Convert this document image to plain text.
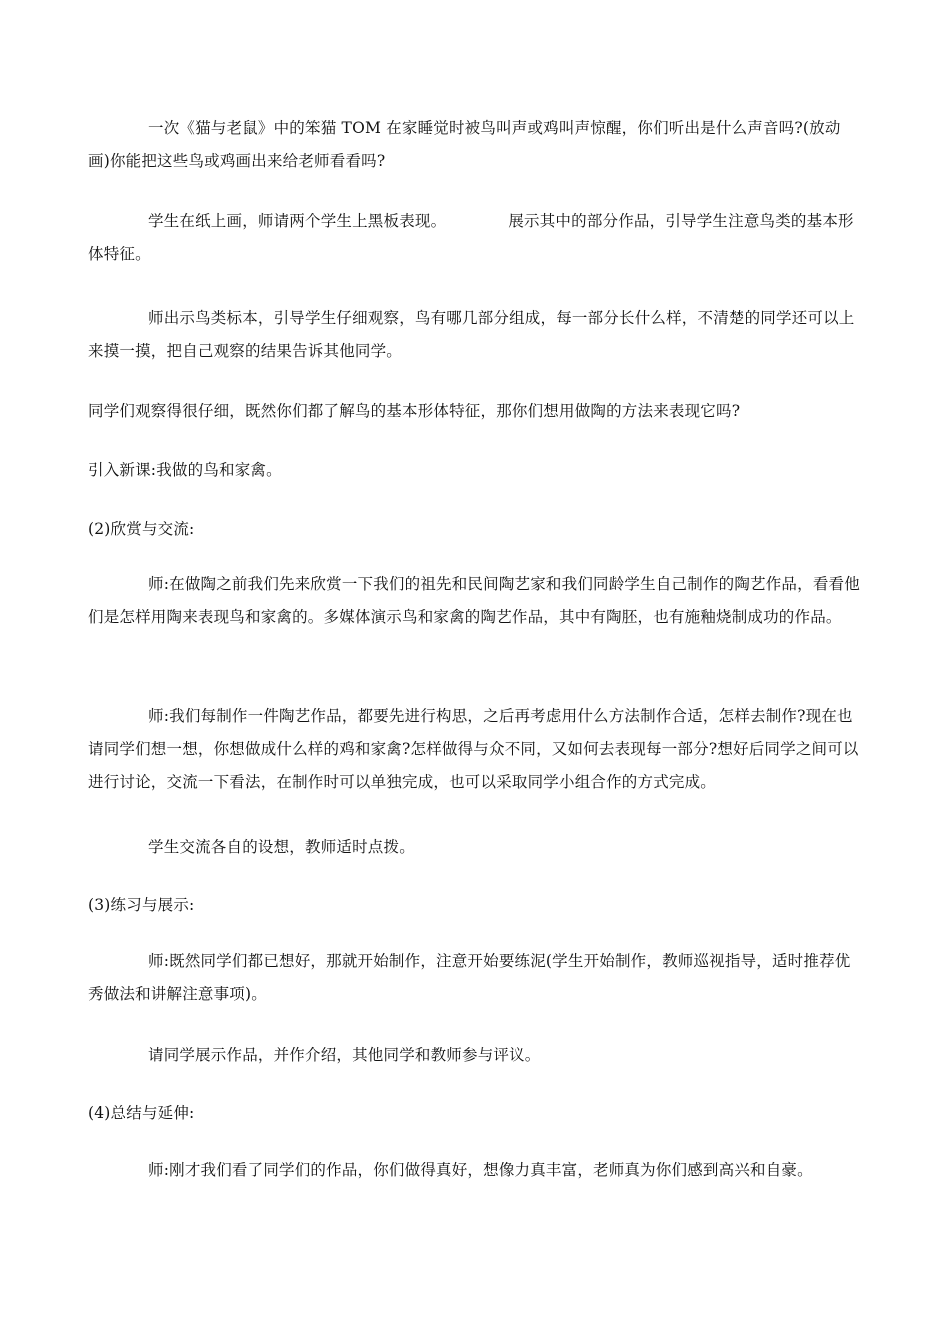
一次《猫与老鼠》中的笨猫 TOM 在家睡觉时被鸟叫声或鸡叫声惊醒，你们听出是什么声音吗?(放动画)你能把这些鸟或鸡画出来给老师看看吗?

学生在纸上画，师请两个学生上黑板表现。	展示其中的部分作品，引导学生注意鸟类的基本形体特征。

师出示鸟类标本，引导学生仔细观察，鸟有哪几部分组成，每一部分长什么样，不清楚的同学还可以上来摸一摸，把自己观察的结果告诉其他同学。

同学们观察得很仔细，既然你们都了解鸟的基本形体特征，那你们想用做陶的方法来表现它吗?

引入新课:我做的鸟和家禽。

(2)欣赏与交流:

师:在做陶之前我们先来欣赏一下我们的祖先和民间陶艺家和我们同龄学生自己制作的陶艺作品，看看他们是怎样用陶来表现鸟和家禽的。多媒体演示鸟和家禽的陶艺作品，其中有陶胚，也有施釉烧制成功的作品。

师:我们每制作一件陶艺作品，都要先进行构思，之后再考虑用什么方法制作合适，怎样去制作?现在也请同学们想一想，你想做成什么样的鸡和家禽?怎样做得与众不同，又如何去表现每一部分?想好后同学之间可以进行讨论，交流一下看法，在制作时可以单独完成，也可以采取同学小组合作的方式完成。

学生交流各自的设想，教师适时点拨。

(3)练习与展示:

师:既然同学们都已想好，那就开始制作，注意开始要练泥(学生开始制作，教师巡视指导，适时推荐优秀做法和讲解注意事项)。

请同学展示作品，并作介绍，其他同学和教师参与评议。

(4)总结与延伸:

师:刚才我们看了同学们的作品，你们做得真好，想像力真丰富，老师真为你们感到高兴和自豪。
